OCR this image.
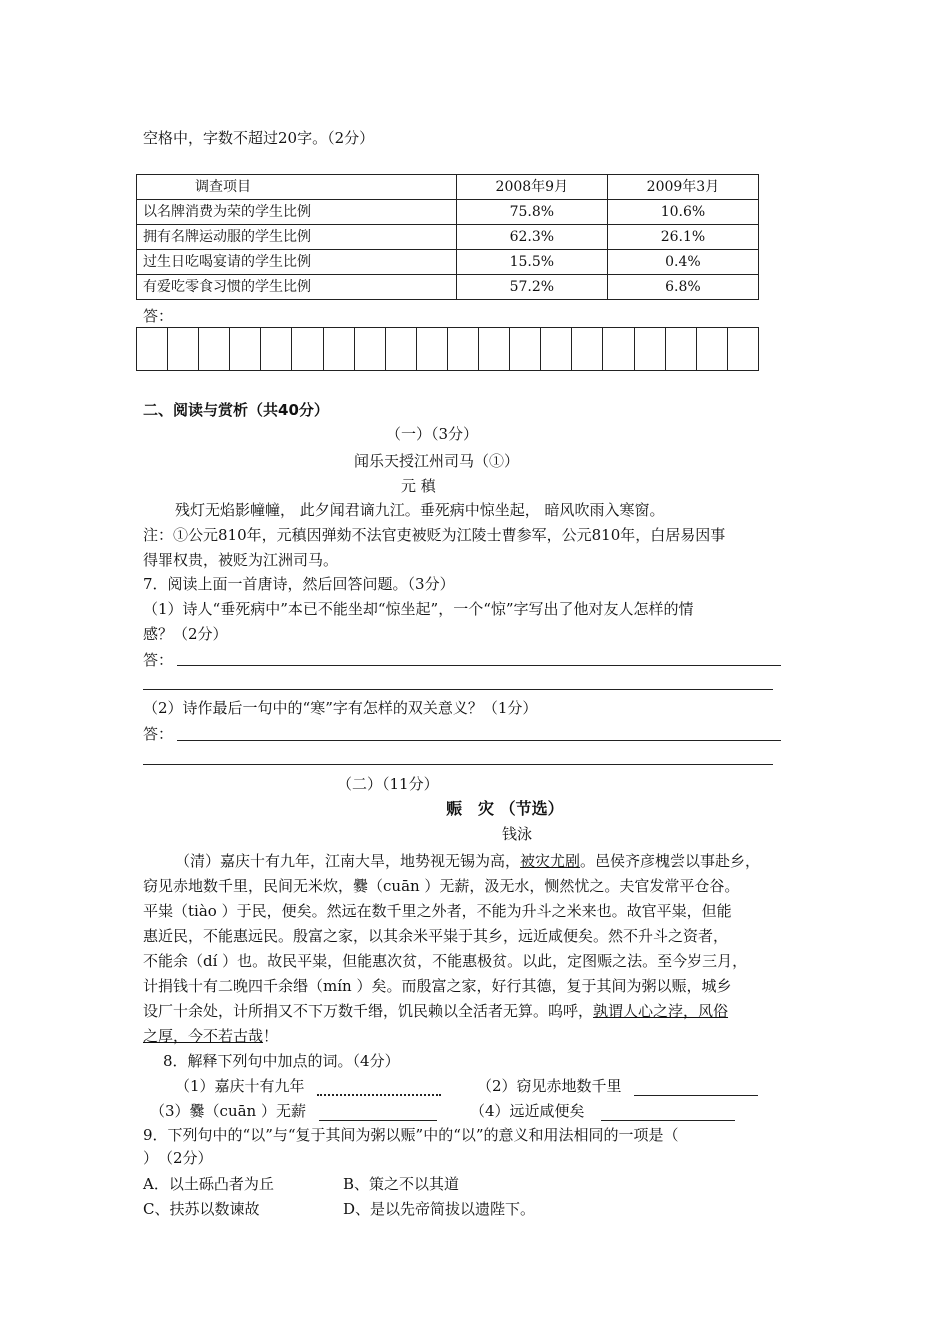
空格中，字数不超过20字。（2分）
调查项目	2008年9月	2009年3月
以名牌消费为荣的学生比例	75.8%	10.6%
拥有名牌运动服的学生比例	62.3%	26.1%
过生日吃喝宴请的学生比例	15.5%	0.4%
有爱吃零食习惯的学生比例	57.2%	6.8%
答：
二、阅读与赏析（共40分）
（一）（3分）
闻乐天授江州司马（①）
元 稹
残灯无焰影幢幢， 此夕闻君谪九江。垂死病中惊坐起， 暗风吹雨入寒窗。
注：①公元810年，元稹因弹劾不法官吏被贬为江陵士曹参军，公元810年，白居易因事
得罪权贵，被贬为江洲司马。
7．阅读上面一首唐诗，然后回答问题。（3分）
（1）诗人“垂死病中”本已不能坐却“惊坐起”，一个“惊”字写出了他对友人怎样的情
感？（2分）
答：
（2）诗作最后一句中的“寒”字有怎样的双关意义？（1分）
答：
（二）（11分）
赈　灾 （节选）
钱泳
（清）嘉庆十有九年，江南大旱，地势视无锡为高，被灾尤剧。邑侯齐彦槐尝以事赴乡，
窃见赤地数千里，民间无米炊，爨（cuān ）无薪，汲无水，恻然忧之。夫官发常平仓谷。
平粜（tiào ）于民，便矣。然远在数千里之外者，不能为升斗之米来也。故官平粜，但能
惠近民，不能惠远民。殷富之家，以其余米平粜于其乡，远近咸便矣。然不升斗之资者，
不能余（dí ）也。故民平粜，但能惠次贫，不能惠极贫。以此，定图赈之法。至今岁三月，
计捐钱十有二晚四千余缗（mín ）矣。而殷富之家，好行其德，复于其间为粥以赈，城乡
设厂十余处，计所捐又不下万数千缗，饥民赖以全活者无算。呜呼，孰谓人心之浡，风俗
之厚，今不若古哉！
8．解释下列句中加点的词。（4分）
（1）嘉庆十有九年	（2）窃见赤地数千里
（3）爨（cuān ）无薪	（4）远近咸便矣
9．下列句中的“以”与“复于其间为粥以赈”中的“以”的意义和用法相同的一项是（
）　（2分）
A．以土砾凸者为丘	B、策之不以其道
C、扶苏以数谏故	D、是以先帝简拔以遗陛下。
